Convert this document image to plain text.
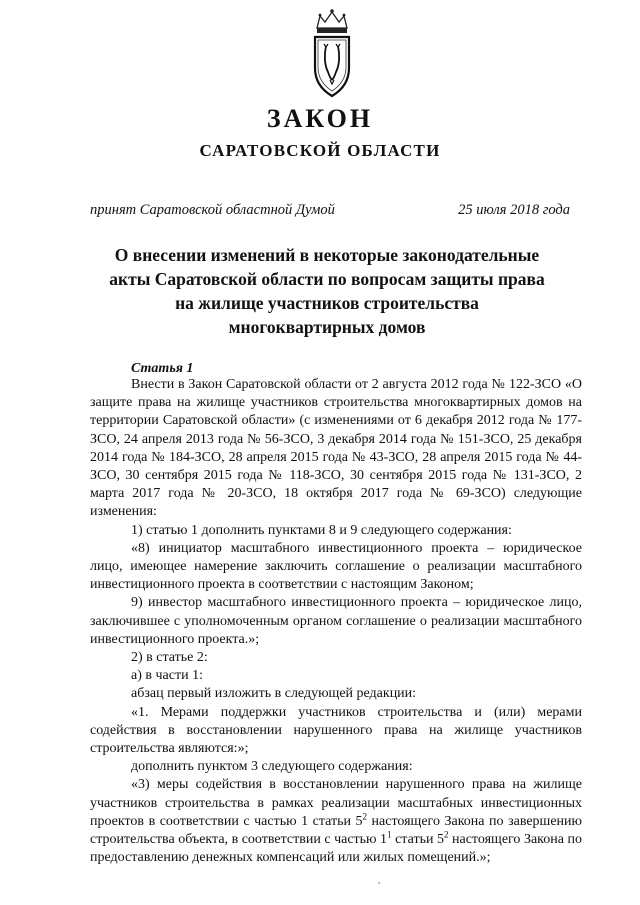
ЗАКОН
САРАТОВСКОЙ ОБЛАСТИ
принят Саратовской областной Думой	25 июля 2018 года
О внесении изменений в некоторые законодательные
акты Саратовской области по вопросам защиты права
на жилище участников строительства
многоквартирных домов
Статья 1

Внести в Закон Саратовской области от 2 августа 2012 года № 122-ЗСО «О защите права на жилище участников строительства многоквартирных домов на территории Саратовской области» (с изменениями от 6 декабря 2012 года № 177-ЗСО, 24 апреля 2013 года № 56-ЗСО, 3 декабря 2014 года № 151-ЗСО, 25 декабря 2014 года № 184-ЗСО, 28 апреля 2015 года № 43-ЗСО, 28 апреля 2015 года № 44-ЗСО, 30 сентября 2015 года № 118-ЗСО, 30 сентября 2015 года № 131-ЗСО, 2 марта 2017 года № 20-ЗСО, 18 октября 2017 года № 69-ЗСО) следующие изменения:

1) статью 1 дополнить пунктами 8 и 9 следующего содержания:

«8) инициатор масштабного инвестиционного проекта – юридическое лицо, имеющее намерение заключить соглашение о реализации масштабного инвестиционного проекта в соответствии с настоящим Законом;

9) инвестор масштабного инвестиционного проекта – юридическое лицо, заключившее с уполномоченным органом соглашение о реализации масштабного инвестиционного проекта.»;

2) в статье 2:

а) в части 1:

абзац первый изложить в следующей редакции:

«1. Мерами поддержки участников строительства и (или) мерами содействия в восстановлении нарушенного права на жилище участников строительства являются:»;

дополнить пунктом 3 следующего содержания:

«3) меры содействия в восстановлении нарушенного права на жилище участников строительства в рамках реализации масштабных инвестиционных проектов в соответствии с частью 1 статьи $5^2$ настоящего Закона по завершению строительства объекта, в соответствии с частью $1^1$ статьи $5^2$ настоящего Закона по предоставлению денежных компенсаций или жилых помещений.»;
